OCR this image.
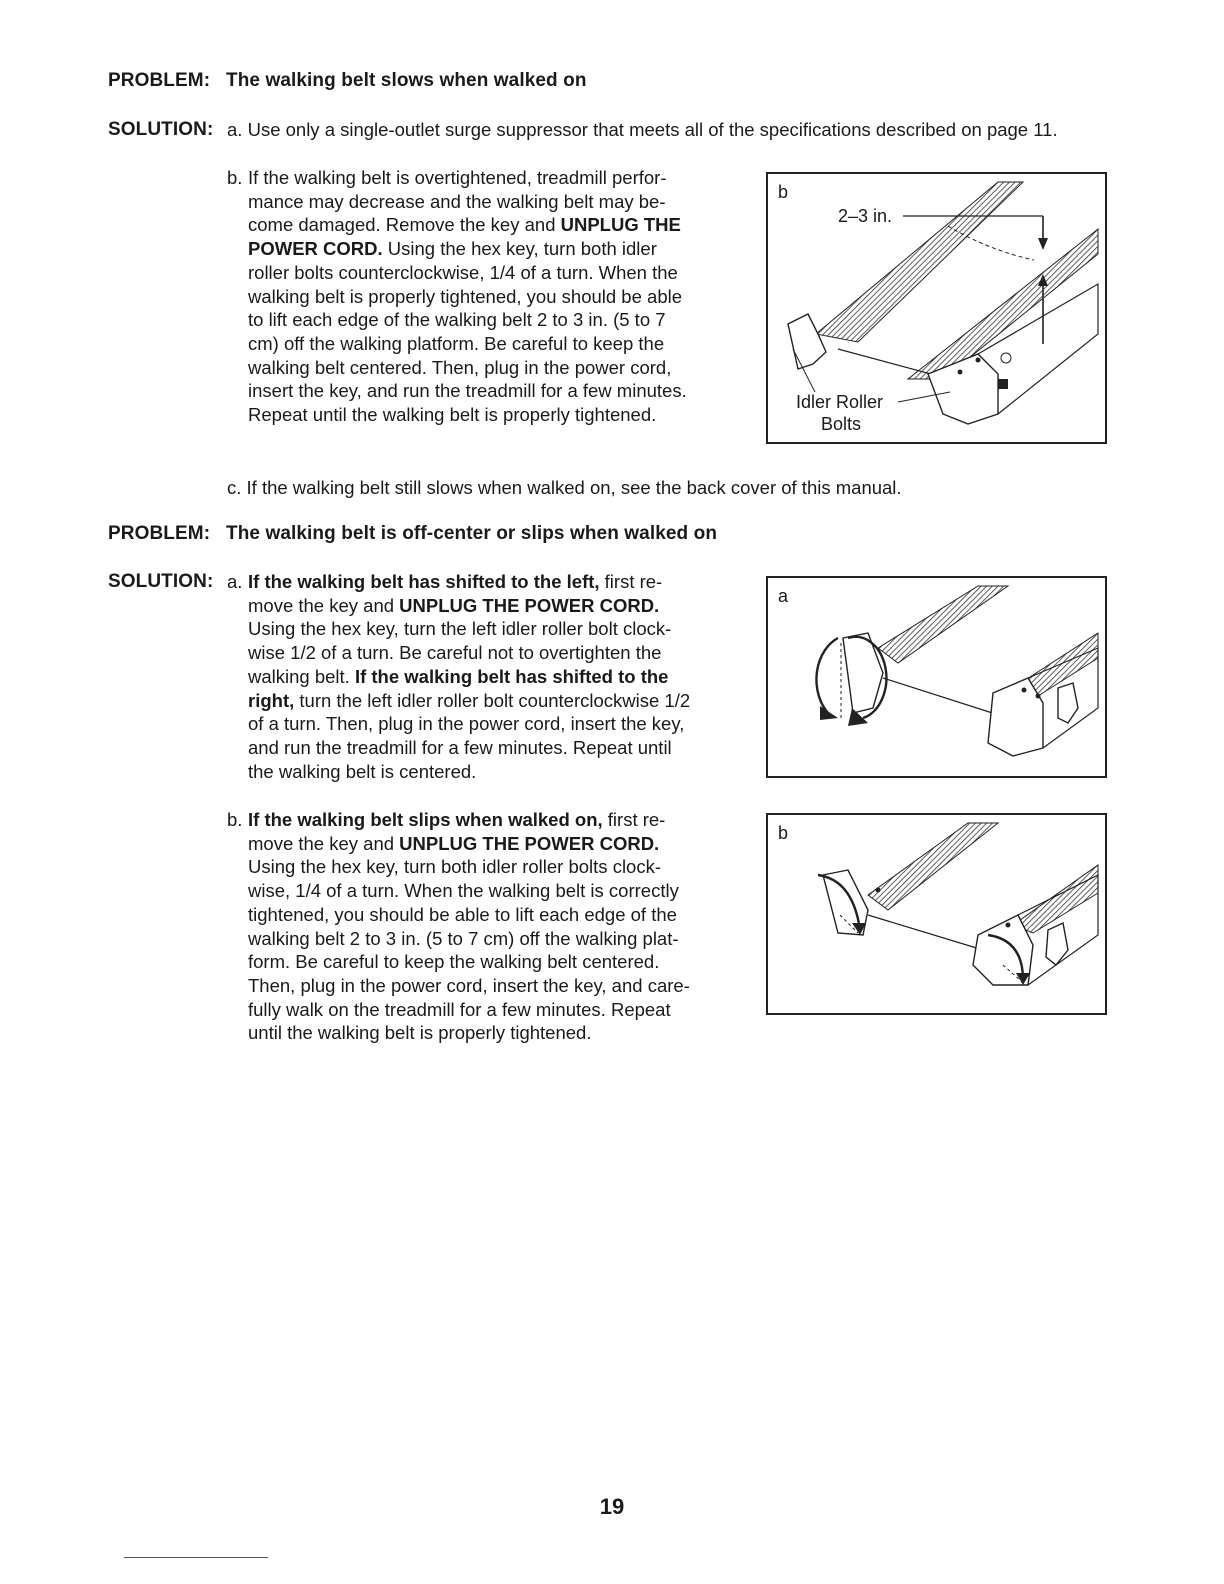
PROBLEM: The walking belt slows when walked on
SOLUTION: a. Use only a single-outlet surge suppressor that meets all of the specifications described on page 11.
b. If the walking belt is overtightened, treadmill perfor-
mance may decrease and the walking belt may be-
come damaged. Remove the key and UNPLUG THE
POWER CORD. Using the hex key, turn both idler
roller bolts counterclockwise, 1/4 of a turn. When the
walking belt is properly tightened, you should be able
to lift each edge of the walking belt 2 to 3 in. (5 to 7
cm) off the walking platform. Be careful to keep the
walking belt centered. Then, plug in the power cord,
insert the key, and run the treadmill for a few minutes.
Repeat until the walking belt is properly tightened.
b
2–3 in.
Idler Roller
Bolts
c. If the walking belt still slows when walked on, see the back cover of this manual.
PROBLEM: The walking belt is off-center or slips when walked on
SOLUTION: a. If the walking belt has shifted to the left, first re-
move the key and UNPLUG THE POWER CORD.
Using the hex key, turn the left idler roller bolt clock-
wise 1/2 of a turn. Be careful not to overtighten the
walking belt. If the walking belt has shifted to the
right, turn the left idler roller bolt counterclockwise 1/2
of a turn. Then, plug in the power cord, insert the key,
and run the treadmill for a few minutes. Repeat until
the walking belt is centered.
a
b. If the walking belt slips when walked on, first re-
move the key and UNPLUG THE POWER CORD.
Using the hex key, turn both idler roller bolts clock-
wise, 1/4 of a turn. When the walking belt is correctly
tightened, you should be able to lift each edge of the
walking belt 2 to 3 in. (5 to 7 cm) off the walking plat-
form. Be careful to keep the walking belt centered.
Then, plug in the power cord, insert the key, and care-
fully walk on the treadmill for a few minutes. Repeat
until the walking belt is properly tightened.
b
19
